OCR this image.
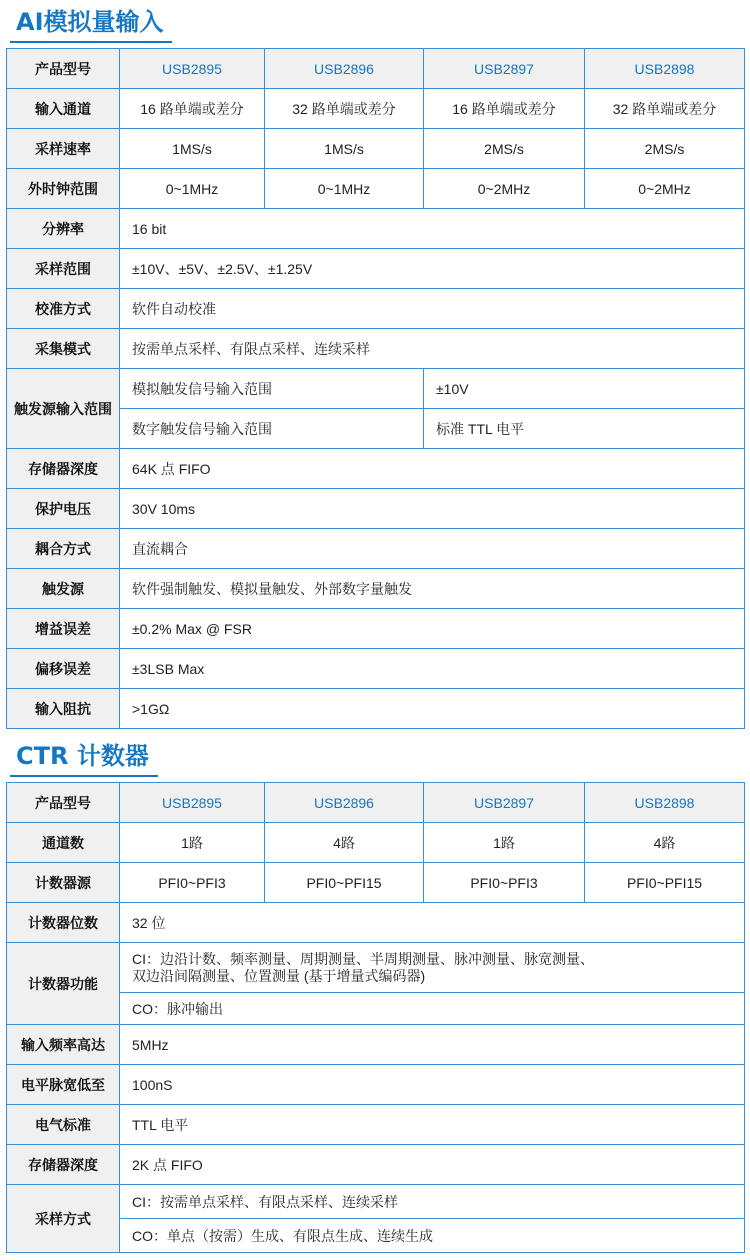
AI模拟量输入
产品型号	USB2895	USB2896	USB2897	USB2898
输入通道	16 路单端或差分	32 路单端或差分	16 路单端或差分	32 路单端或差分
采样速率	1MS/s	1MS/s	2MS/s	2MS/s
外时钟范围	0~1MHz	0~1MHz	0~2MHz	0~2MHz
分辨率	16 bit			
采样范围	±10V、±5V、±2.5V、±1.25V			
校准方式	软件自动校准			
采集模式	按需单点采样、有限点采样、连续采样			
触发源输入范围	模拟触发信号输入范围		±10V	
	数字触发信号输入范围		标准 TTL 电平	
存储器深度	64K 点 FIFO			
保护电压	30V 10ms			
耦合方式	直流耦合			
触发源	软件强制触发、模拟量触发、外部数字量触发			
增益误差	±0.2% Max @ FSR			
偏移误差	±3LSB Max			
输入阻抗	>1GΩ			
CTR 计数器
产品型号	USB2895	USB2896	USB2897	USB2898
通道数	1路	4路	1路	4路
计数器源	PFI0~PFI3	PFI0~PFI15	PFI0~PFI3	PFI0~PFI15
计数器位数	32 位			
计数器功能	CI：边沿计数、频率测量、周期测量、半周期测量、脉冲测量、脉宽测量、双边沿间隔测量、位置测量 (基于增量式编码器)			
	CO：脉冲输出			
输入频率高达	5MHz			
电平脉宽低至	100nS			
电气标准	TTL 电平			
存储器深度	2K 点 FIFO			
采样方式	CI：按需单点采样、有限点采样、连续采样			
	CO：单点（按需）生成、有限点生成、连续生成			
